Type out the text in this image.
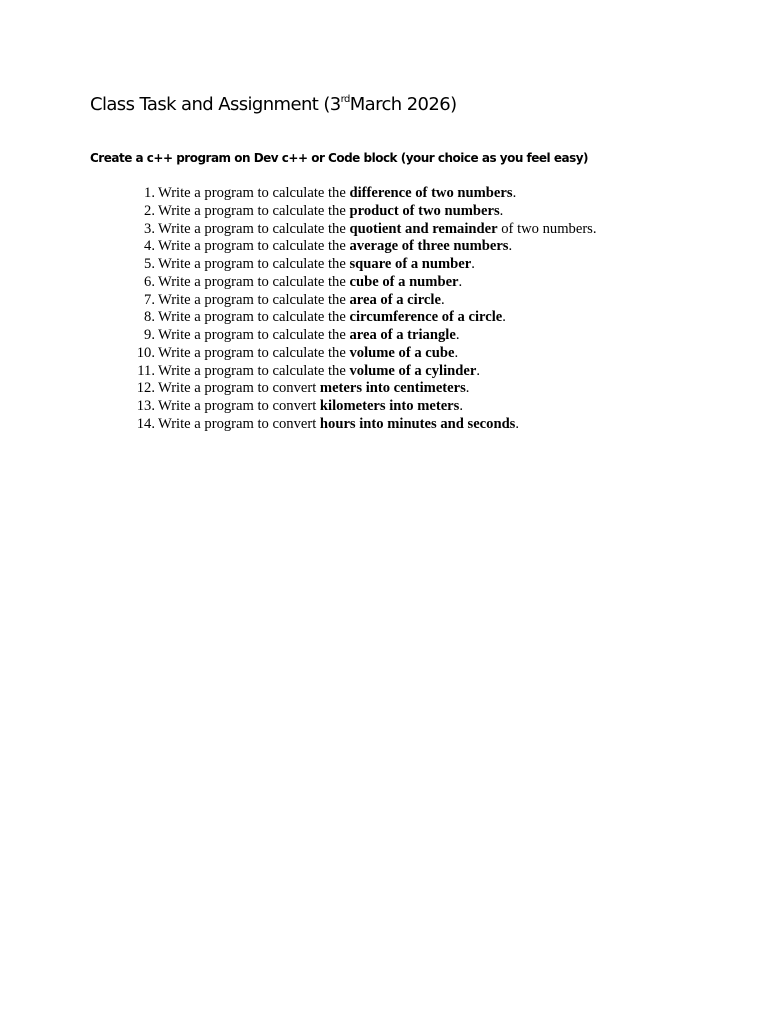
Class Task and Assignment (3rdMarch 2026)

Create a c++ program on Dev c++ or Code block (your choice as you feel easy)

1. Write a program to calculate the difference of two numbers.
2. Write a program to calculate the product of two numbers.
3. Write a program to calculate the quotient and remainder of two numbers.
4. Write a program to calculate the average of three numbers.
5. Write a program to calculate the square of a number.
6. Write a program to calculate the cube of a number.
7. Write a program to calculate the area of a circle.
8. Write a program to calculate the circumference of a circle.
9. Write a program to calculate the area of a triangle.
10. Write a program to calculate the volume of a cube.
11. Write a program to calculate the volume of a cylinder.
12. Write a program to convert meters into centimeters.
13. Write a program to convert kilometers into meters.
14. Write a program to convert hours into minutes and seconds.
